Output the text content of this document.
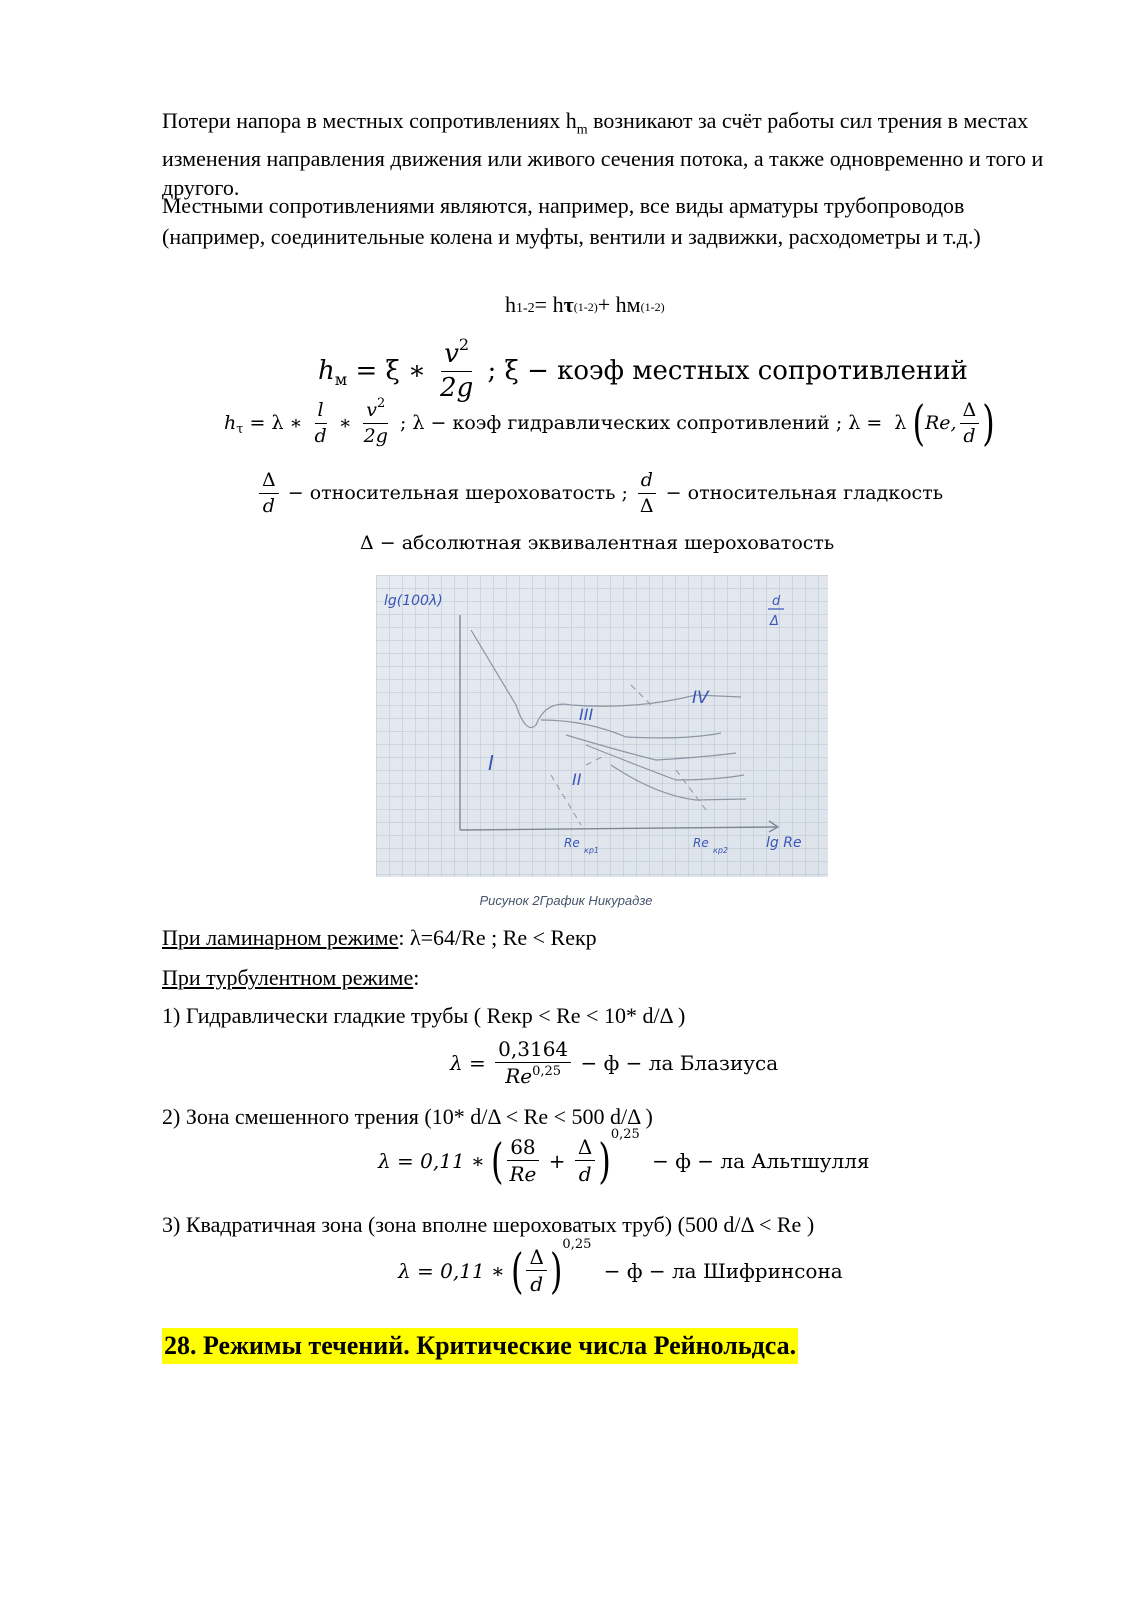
Потери напора в местных сопротивлениях $h_m$ возникают за счёт работы сил трения в местах изменения направления движения или живого сечения потока, а также одновременно и того и другого.

Местными сопротивлениями являются, например, все виды арматуры трубопроводов (например, соединительные колена и муфты, вентили и задвижки, расходометры и т.д.)

h 1-2 = h τ (1-2) + h м (1-2)
h м = ξ ∗ $\frac{v^2}{2g}$ ; ξ − коэф местных сопротивлений
h τ = λ ∗ $\frac{l}{d}$ ∗ $\frac{v^2}{2g}$ ; λ − коэф гидравлических сопротивлений ; λ =  λ ( Re, $\frac{\Delta}{d}$ )
$\frac{\Delta}{d}$ − относительная шероховатость ; $\frac{d}{\Delta}$ − относительная гладкость
Δ − абсолютная эквивалентная шероховатость
lg(100λ)	d
Δ
lg Re
Re
кр1
Re
кр2
I
II
III
IV
Рисунок 2График Никурадзе
При ламинарном режиме: λ=64/Re ; Re < Reкр
При турбулентном режиме:
1) Гидравлически гладкие трубы ( Reкр < Re < 10* d/Δ )
$\lambda = \frac{0,3164}{Re^{0,25}} - ф$ − ла Блазиуса
2) Зона смешенного трения (10* d/Δ < Re < 500 d/Δ )
λ = 0,11 ∗ ( $\frac{68}{Re} + \frac{\Delta}{d}$ ) 0,25
− ф − ла Альтшулля
3) Квадратичная зона (зона вполне шероховатых труб) (500 d/Δ < Re )
λ = 0,11 ∗ ( $\frac{\Delta}{d}$ ) 0,25
− ф − ла Шифринсона
28. Режимы течений. Критические числа Рейнольдса.
